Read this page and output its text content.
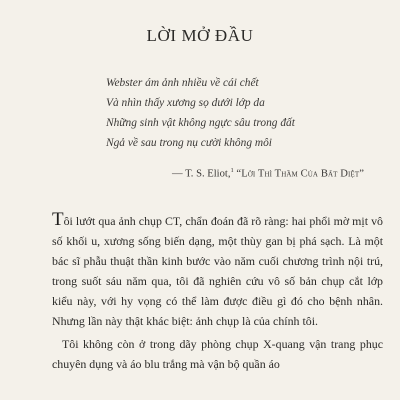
LỜI MỞ ĐẦU
Webster ám ảnh nhiều về cái chết
Và nhìn thấy xương sọ dưới lớp da
Những sinh vật không ngực sâu trong đất
Ngả về sau trong nụ cười không môi
— T. S. Eliot,$^1$ “Lời Thì Thầm Của Bất Diệt”

Tôi lướt qua ảnh chụp CT, chẩn đoán đã rõ ràng: hai phổi mờ mịt vô số khối u, xương sống biến dạng, một thùy gan bị phá sạch. Là một bác sĩ phẫu thuật thần kinh bước vào năm cuối chương trình nội trú, trong suốt sáu năm qua, tôi đã nghiên cứu vô số bản chụp cắt lớp kiểu này, với hy vọng có thể làm được điều gì đó cho bệnh nhân. Nhưng lần này thật khác biệt: ảnh chụp là của chính tôi.

Tôi không còn ở trong dãy phòng chụp X-quang vận trang phục chuyên dụng và áo blu trắng mà vận bộ quần áo
